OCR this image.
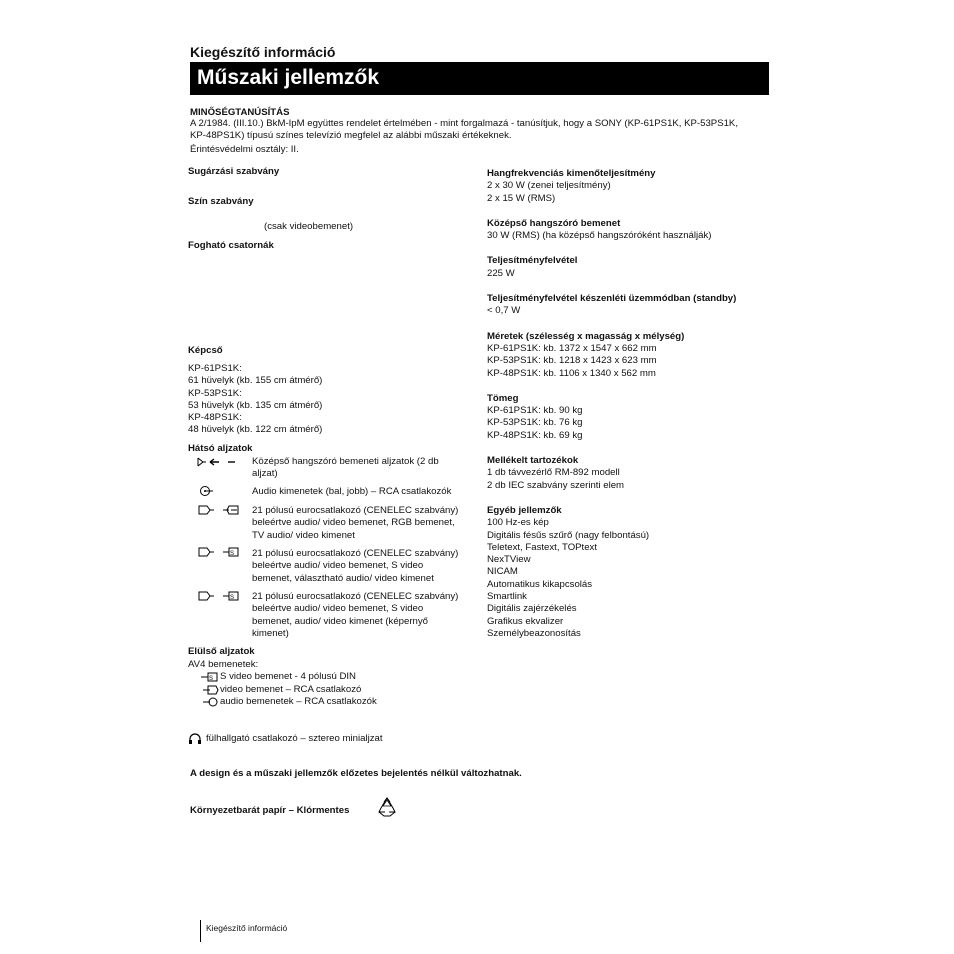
Kiegészítő információ
Műszaki jellemzők
MINŐSÉGTANÚSÍTÁS
A 2/1984. (III.10.) BkM-IpM együttes rendelet értelmében - mint forgalmazá - tanúsítjuk, hogy a SONY (KP-61PS1K, KP-53PS1K,
KP-48PS1K) típusú színes televízió megfelel az alábbi műszaki értékeknek.
Érintésvédelmi osztály: II.
Sugárzási szabvány
Szín szabvány
(csak videobemenet)
Fogható csatornák
Képcső
KP-61PS1K:
61 hüvelyk (kb. 155 cm átmérő)
KP-53PS1K:
53 hüvelyk (kb. 135 cm átmérő)
KP-48PS1K:
48 hüvelyk (kb. 122 cm átmérő)
Hátsó aljzatok
S
S
Középső hangszóró bemeneti aljzatok (2 db
aljzat)
Audio kimenetek (bal, jobb) – RCA csatlakozók
21 pólusú eurocsatlakozó (CENELEC szabvány)
beleértve audio/ video bemenet, RGB bemenet,
TV audio/ video kimenet
21 pólusú eurocsatlakozó (CENELEC szabvány)
beleértve audio/ video bemenet, S video
bemenet, választható audio/ video kimenet
21 pólusú eurocsatlakozó (CENELEC szabvány)
beleértve audio/ video bemenet, S video
bemenet, audio/ video kimenet (képernyő
kimenet)
Elülső aljzatok
AV4 bemenetek:
S S video bemenet - 4 pólusú DIN
video bemenet – RCA csatlakozó
audio bemenetek – RCA csatlakozók
fülhallgató csatlakozó – sztereo minialjzat
Hangfrekvenciás kimenőteljesítmény
2 x 30 W (zenei teljesítmény)
2 x 15 W (RMS)
Középső hangszóró bemenet
30 W (RMS) (ha középső hangszóróként használják)
Teljesítményfelvétel
225 W
Teljesítményfelvétel készenléti üzemmódban (standby)
< 0,7 W
Méretek (szélesség x magasság x mélység)
KP-61PS1K: kb. 1372 x 1547 x 662 mm
KP-53PS1K: kb. 1218 x 1423 x 623 mm
KP-48PS1K: kb. 1106 x 1340 x 562 mm
Tömeg
KP-61PS1K: kb. 90 kg
KP-53PS1K: kb. 76 kg
KP-48PS1K: kb. 69 kg
Mellékelt tartozékok
1 db távvezérlő RM-892 modell
2 db IEC szabvány szerinti elem
Egyéb jellemzők
100 Hz-es kép
Digitális fésűs szűrő (nagy felbontású)
Teletext, Fastext, TOPtext
NexTView
NICAM
Automatikus kikapcsolás
Smartlink
Digitális zajérzékelés
Grafikus ekvalizer
Személybeazonosítás
A design és a műszaki jellemzők előzetes bejelentés nélkül változhatnak.
Környezetbarát papír – Klórmentes
Kiegészítő információ
